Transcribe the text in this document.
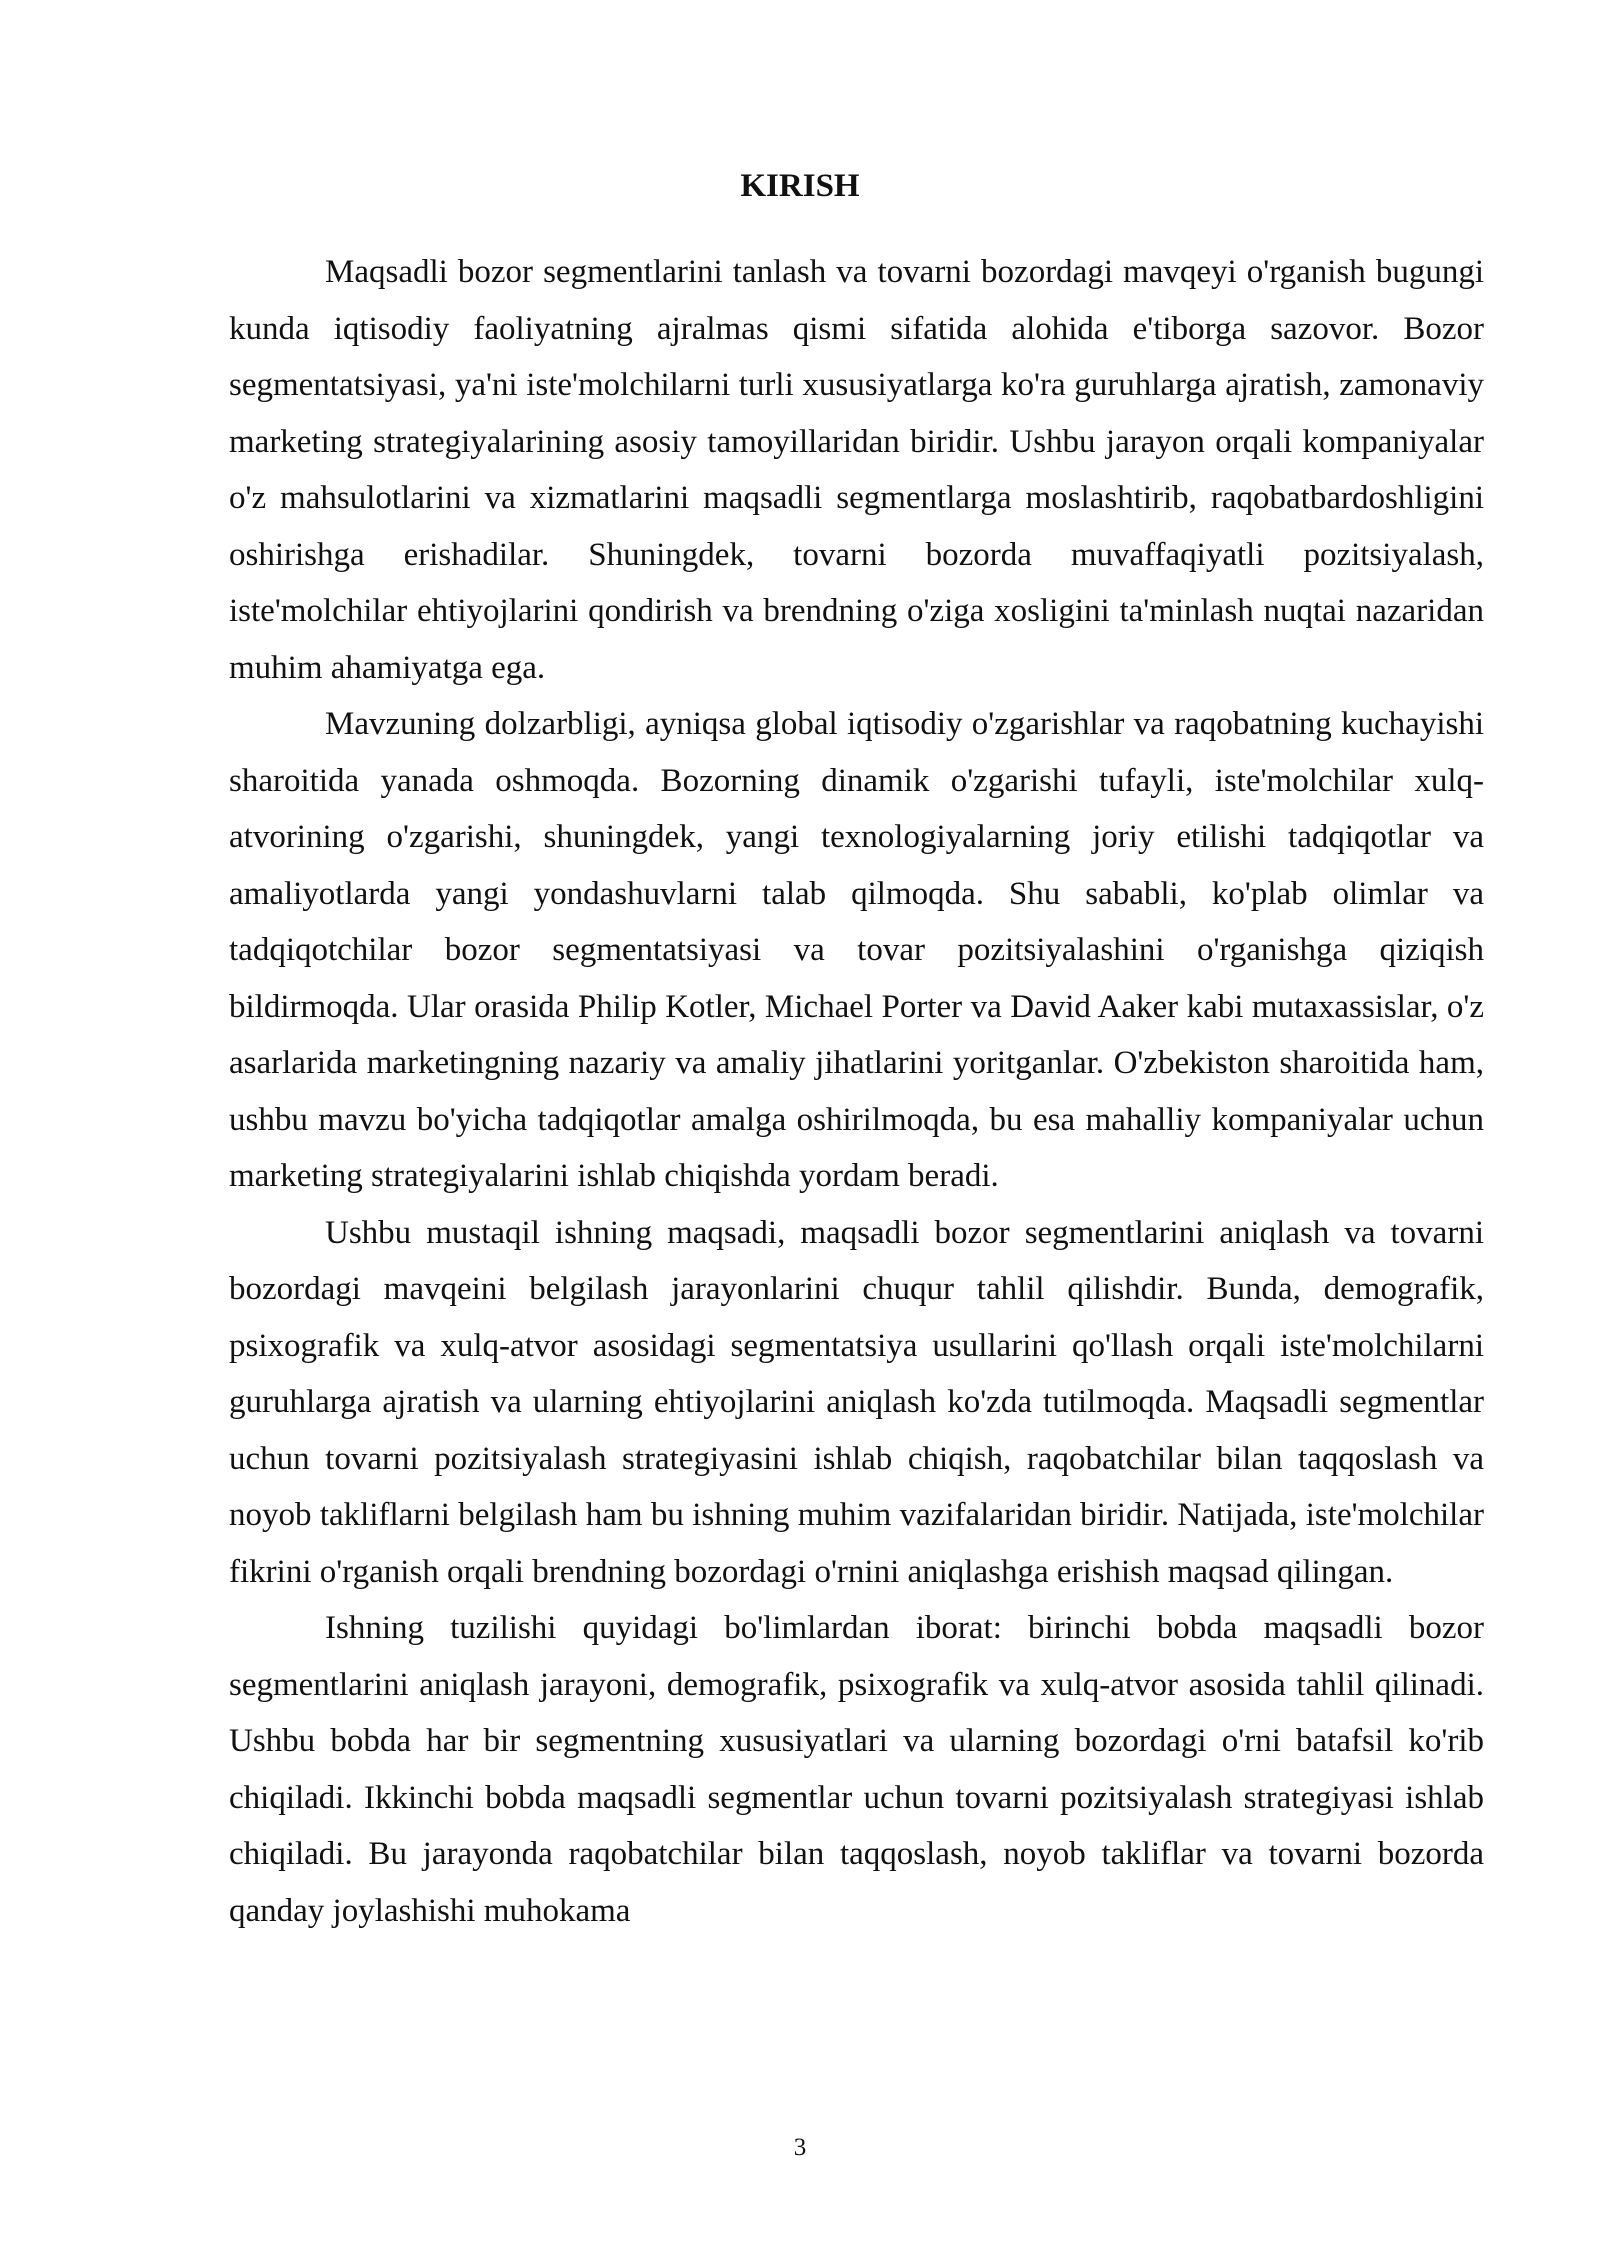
KIRISH

Maqsadli bozor segmentlarini tanlash va tovarni bozordagi mavqeyi o'rganish bugungi kunda iqtisodiy faoliyatning ajralmas qismi sifatida alohida e'tiborga sazovor. Bozor segmentatsiyasi, ya'ni iste'molchilarni turli xususiyatlarga ko'ra guruhlarga ajratish, zamonaviy marketing strategiyalarining asosiy tamoyillaridan biridir. Ushbu jarayon orqali kompaniyalar o'z mahsulotlarini va xizmatlarini maqsadli segmentlarga moslashtirib, raqobatbardoshligini oshirishga erishadilar. Shuningdek, tovarni bozorda muvaffaqiyatli pozitsiyalash, iste'molchilar ehtiyojlarini qondirish va brendning o'ziga xosligini ta'minlash nuqtai nazaridan muhim ahamiyatga ega.

Mavzuning dolzarbligi, ayniqsa global iqtisodiy o'zgarishlar va raqobatning kuchayishi sharoitida yanada oshmoqda. Bozorning dinamik o'zgarishi tufayli, iste'molchilar xulq-atvorining o'zgarishi, shuningdek, yangi texnologiyalarning joriy etilishi tadqiqotlar va amaliyotlarda yangi yondashuvlarni talab qilmoqda. Shu sababli, ko'plab olimlar va tadqiqotchilar bozor segmentatsiyasi va tovar pozitsiyalashini o'rganishga qiziqish bildirmoqda. Ular orasida Philip Kotler, Michael Porter va David Aaker kabi mutaxassislar, o'z asarlarida marketingning nazariy va amaliy jihatlarini yoritganlar. O'zbekiston sharoitida ham, ushbu mavzu bo'yicha tadqiqotlar amalga oshirilmoqda, bu esa mahalliy kompaniyalar uchun marketing strategiyalarini ishlab chiqishda yordam beradi.

Ushbu mustaqil ishning maqsadi, maqsadli bozor segmentlarini aniqlash va tovarni bozordagi mavqeini belgilash jarayonlarini chuqur tahlil qilishdir. Bunda, demografik, psixografik va xulq-atvor asosidagi segmentatsiya usullarini qo'llash orqali iste'molchilarni guruhlarga ajratish va ularning ehtiyojlarini aniqlash ko'zda tutilmoqda. Maqsadli segmentlar uchun tovarni pozitsiyalash strategiyasini ishlab chiqish, raqobatchilar bilan taqqoslash va noyob takliflarni belgilash ham bu ishning muhim vazifalaridan biridir. Natijada, iste'molchilar fikrini o'rganish orqali brendning bozordagi o'rnini aniqlashga erishish maqsad qilingan.

Ishning tuzilishi quyidagi bo'limlardan iborat: birinchi bobda maqsadli bozor segmentlarini aniqlash jarayoni, demografik, psixografik va xulq-atvor asosida tahlil qilinadi. Ushbu bobda har bir segmentning xususiyatlari va ularning bozordagi o'rni batafsil ko'rib chiqiladi. Ikkinchi bobda maqsadli segmentlar uchun tovarni pozitsiyalash strategiyasi ishlab chiqiladi. Bu jarayonda raqobatchilar bilan taqqoslash, noyob takliflar va tovarni bozorda qanday joylashishi muhokama

3
